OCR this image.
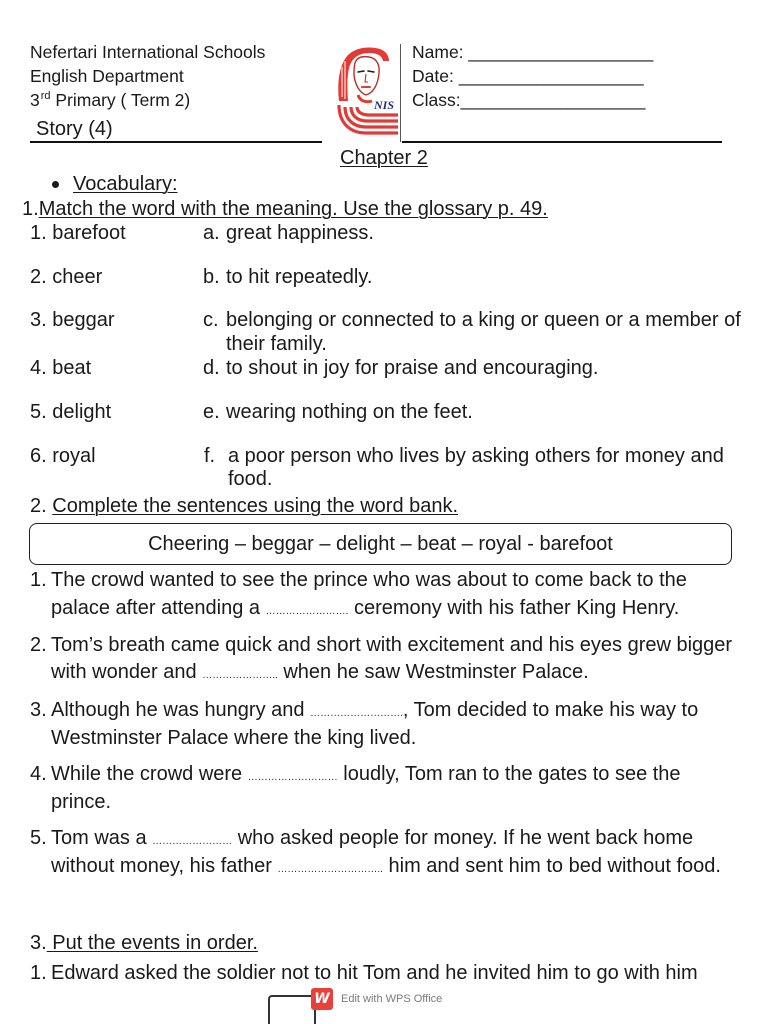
Nefertari International Schools
English Department
3rd Primary ( Term 2)
Story (4)
Name: ___________________
Date: ___________________
Class:___________________
NIS
Chapter 2
Vocabulary:
1.Match the word with the meaning. Use the glossary p. 49.
1. barefoot
2. cheer
3. beggar
4. beat
5. delight
6. royal
a. great happiness.
b. to hit repeatedly.
c. belonging or connected to a king or queen or a member of
their family.
d. to shout in joy for praise and encouraging.
e. wearing nothing on the feet.
f. a poor person who lives by asking others for money and
food.
2. Complete the sentences using the word bank.
Cheering – beggar – delight – beat – royal - barefoot
1. The crowd wanted to see the prince who was about to come back to the
palace after attending a ……………………. ceremony with his father King Henry.
2. Tom’s breath came quick and short with excitement and his eyes grew bigger
with wonder and ………………….. when he saw Westminster Palace.
3. Although he was hungry and ………………………., Tom decided to make his way to
Westminster Palace where the king lived.
4. While the crowd were ……………………… loudly, Tom ran to the gates to see the
prince.
5. Tom was a …………………… who asked people for money. If he went back home
without money, his father ………………………….. him and sent him to bed without food.
3. Put the events in order.
1. Edward asked the soldier not to hit Tom and he invited him to go with him
W Edit with WPS Office
